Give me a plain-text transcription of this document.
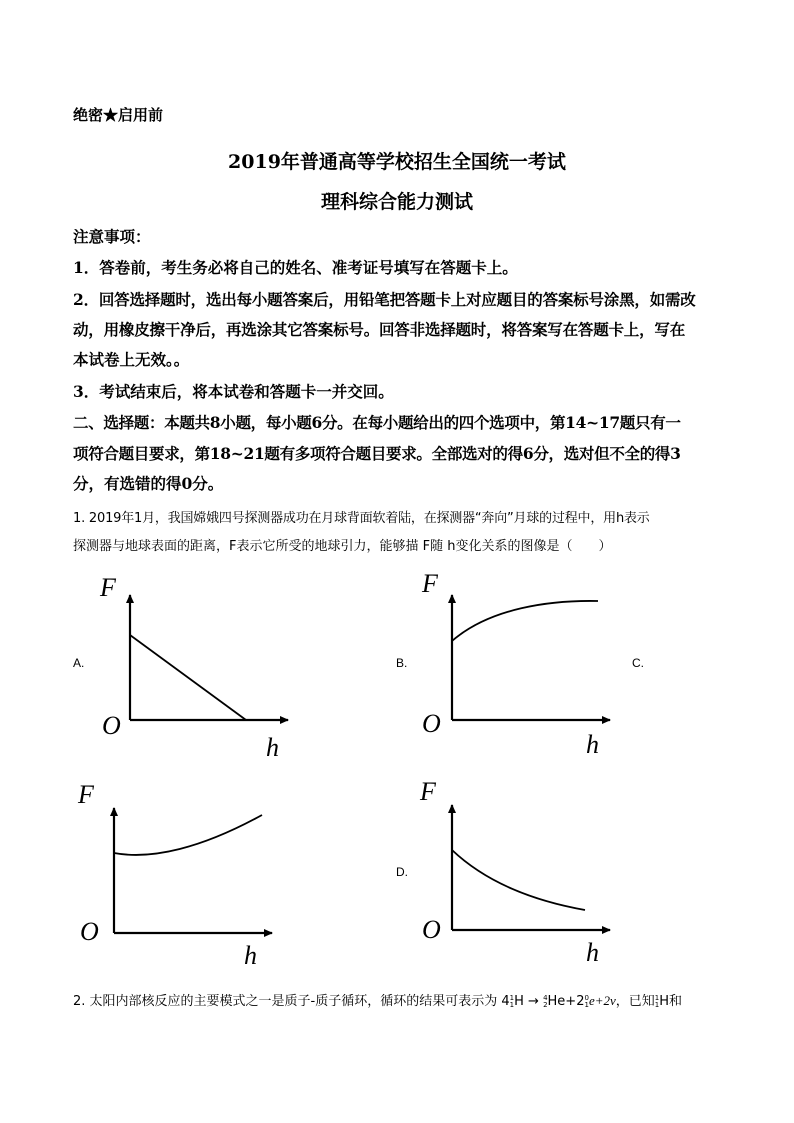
绝密★启用前
2019年普通高等学校招生全国统一考试
理科综合能力测试
注意事项：
1．答卷前，考生务必将自己的姓名、准考证号填写在答题卡上。
2．回答选择题时，选出每小题答案后，用铅笔把答题卡上对应题目的答案标号涂黑，如需改
动，用橡皮擦干净后，再选涂其它答案标号。回答非选择题时，将答案写在答题卡上，写在
本试卷上无效。。
3．考试结束后，将本试卷和答题卡一并交回。
二、选择题：本题共8小题，每小题6分。在每小题给出的四个选项中，第14~17题只有一
项符合题目要求，第18~21题有多项符合题目要求。全部选对的得6分，选对但不全的得3
分，有选错的得0分。
1. 2019年1月，我国嫦娥四号探测器成功在月球背面软着陆，在探测器“奔向”月球的过程中，用h表示
探测器与地球表面的距离，F表示它所受的地球引力，能够描 F随 h变化关系的图像是（　　）
A.	B.	C.
D.
F
O
h
F
O
h
F
O
h
F
O
h
2. 太阳内部核反应的主要模式之一是质子-质子循环，循环的结果可表示为 4 1
1 H → 4
2 He+2 0
1 e+2ν，已知 1
1 H和
